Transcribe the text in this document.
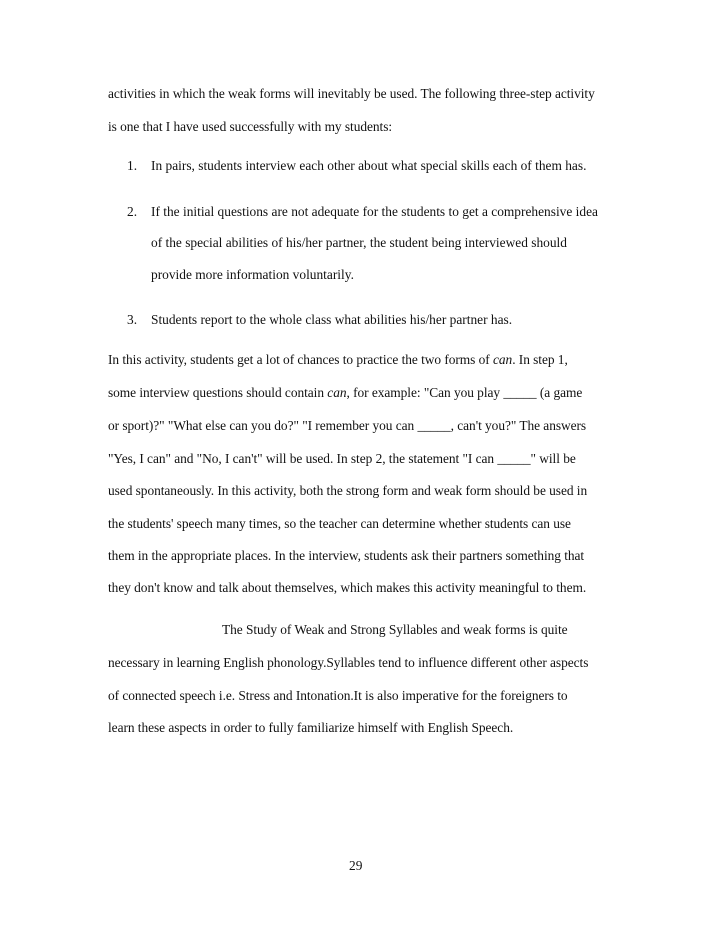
activities in which the weak forms will inevitably be used. The following three-step activity
is one that I have used successfully with my students:
1. In pairs, students interview each other about what special skills each of them has.
2. If the initial questions are not adequate for the students to get a comprehensive idea
of the special abilities of his/her partner, the student being interviewed should
provide more information voluntarily.
3. Students report to the whole class what abilities his/her partner has.
In this activity, students get a lot of chances to practice the two forms of can. In step 1,
some interview questions should contain can, for example: "Can you play _____ (a game
or sport)?" "What else can you do?" "I remember you can _____, can't you?" The answers
"Yes, I can" and "No, I can't" will be used. In step 2, the statement "I can _____" will be
used spontaneously. In this activity, both the strong form and weak form should be used in
the students' speech many times, so the teacher can determine whether students can use
them in the appropriate places. In the interview, students ask their partners something that
they don't know and talk about themselves, which makes this activity meaningful to them.
The Study of Weak and Strong Syllables and weak forms is quite
necessary in learning English phonology.Syllables tend to influence different other aspects
of connected speech i.e. Stress and Intonation.It is also imperative for the foreigners to
learn these aspects in order to fully familiarize himself with English Speech.
29
